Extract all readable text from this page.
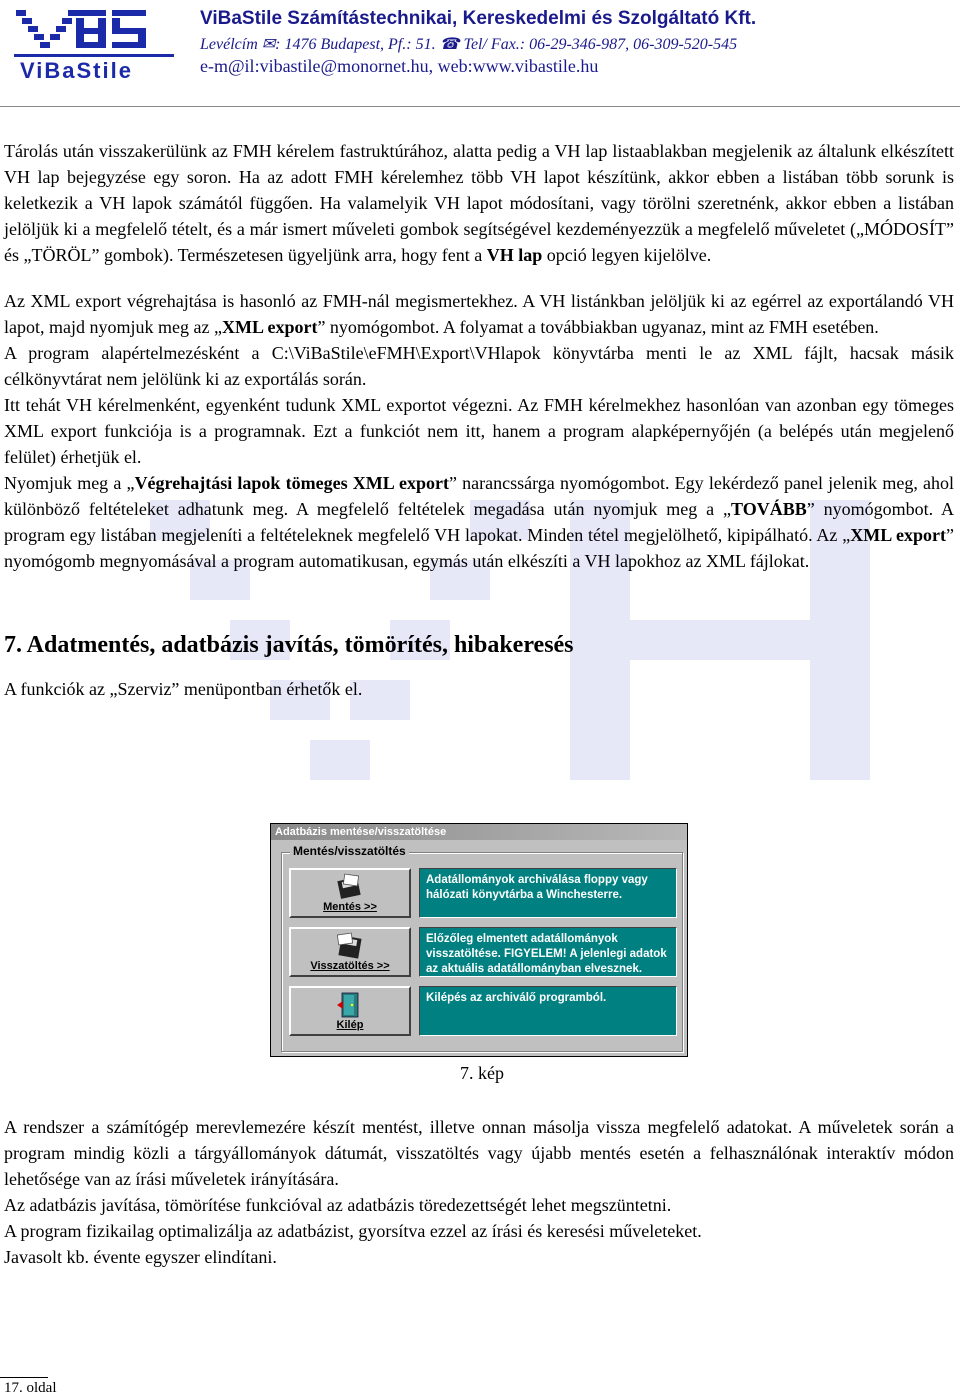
ViBaStile
ViBaStile Számítástechnikai, Kereskedelmi és Szolgáltató Kft.
Levélcím ✉: 1476 Budapest, Pf.: 51. ☎ Tel/ Fax.: 06-29-346-987, 06-309-520-545
e-m@il:vibastile@monornet.hu, web:www.vibastile.hu

Tárolás után visszakerülünk az FMH kérelem fastruktúrához, alatta pedig a VH lap listaablakban megjelenik az általunk elkészített VH lap bejegyzése egy soron. Ha az adott FMH kérelemhez több VH lapot készítünk, akkor ebben a listában több sorunk is keletkezik a VH lapok számától függően. Ha valamelyik VH lapot módosítani, vagy törölni szeretnénk, akkor ebben a listában jelöljük ki a megfelelő tételt, és a már ismert műveleti gombok segítségével kezdeményezzük a megfelelő műveletet („MÓDOSÍT” és „TÖRÖL” gombok). Természetesen ügyeljünk arra, hogy fent a VH lap opció legyen kijelölve.

Az XML export végrehajtása is hasonló az FMH-nál megismertekhez. A VH listánkban jelöljük ki az egérrel az exportálandó VH lapot, majd nyomjuk meg az „XML export” nyomógombot. A folyamat a továbbiakban ugyanaz, mint az FMH esetében.

A program alapértelmezésként a C:\ViBaStile\eFMH\Export\VHlapok könyvtárba menti le az XML fájlt, hacsak másik célkönyvtárat nem jelölünk ki az exportálás során.

Itt tehát VH kérelmenként, egyenként tudunk XML exportot végezni. Az FMH kérelmekhez hasonlóan van azonban egy tömeges XML export funkciója is a programnak. Ezt a funkciót nem itt, hanem a program alapképernyőjén (a belépés után megjelenő felület) érhetjük el.

Nyomjuk meg a „Végrehajtási lapok tömeges XML export” narancssárga nyomógombot. Egy lekérdező panel jelenik meg, ahol különböző feltételeket adhatunk meg. A megfelelő feltételek megadása után nyomjuk meg a „TOVÁBB” nyomógombot. A program egy listában megjeleníti a feltételeknek megfelelő VH lapokat. Minden tétel megjelölhető, kipipálható. Az „XML export” nyomógomb megnyomásával a program automatikusan, egymás után elkészíti a VH lapokhoz az XML fájlokat.

7. Adatmentés, adatbázis javítás, tömörítés, hibakeresés

A funkciók az „Szerviz” menüpontban érhetők el.

Adatbázis mentése/visszatöltése
Mentés/visszatöltés
Mentés >>
Adatállományok archiválása floppy vagy hálózati könyvtárba a Winchesterre.
Visszatöltés >>
Előzőleg elmentett adatállományok visszatöltése. FIGYELEM! A jelenlegi adatok az aktuális adatállományban elvesznek.
Kilép
Kilépés az archiválő programból.
7. kép

A rendszer a számítógép merevlemezére készít mentést, illetve onnan másolja vissza megfelelő adatokat. A műveletek során a program mindig közli a tárgyállományok dátumát, visszatöltés vagy újabb mentés esetén a felhasználónak interaktív módon lehetősége van az írási műveletek irányítására.

Az adatbázis javítása, tömörítése funkcióval az adatbázis töredezettségét lehet megszüntetni.

A program fizikailag optimalizálja az adatbázist, gyorsítva ezzel az írási és keresési műveleteket.

Javasolt kb. évente egyszer elindítani.

17. oldal
